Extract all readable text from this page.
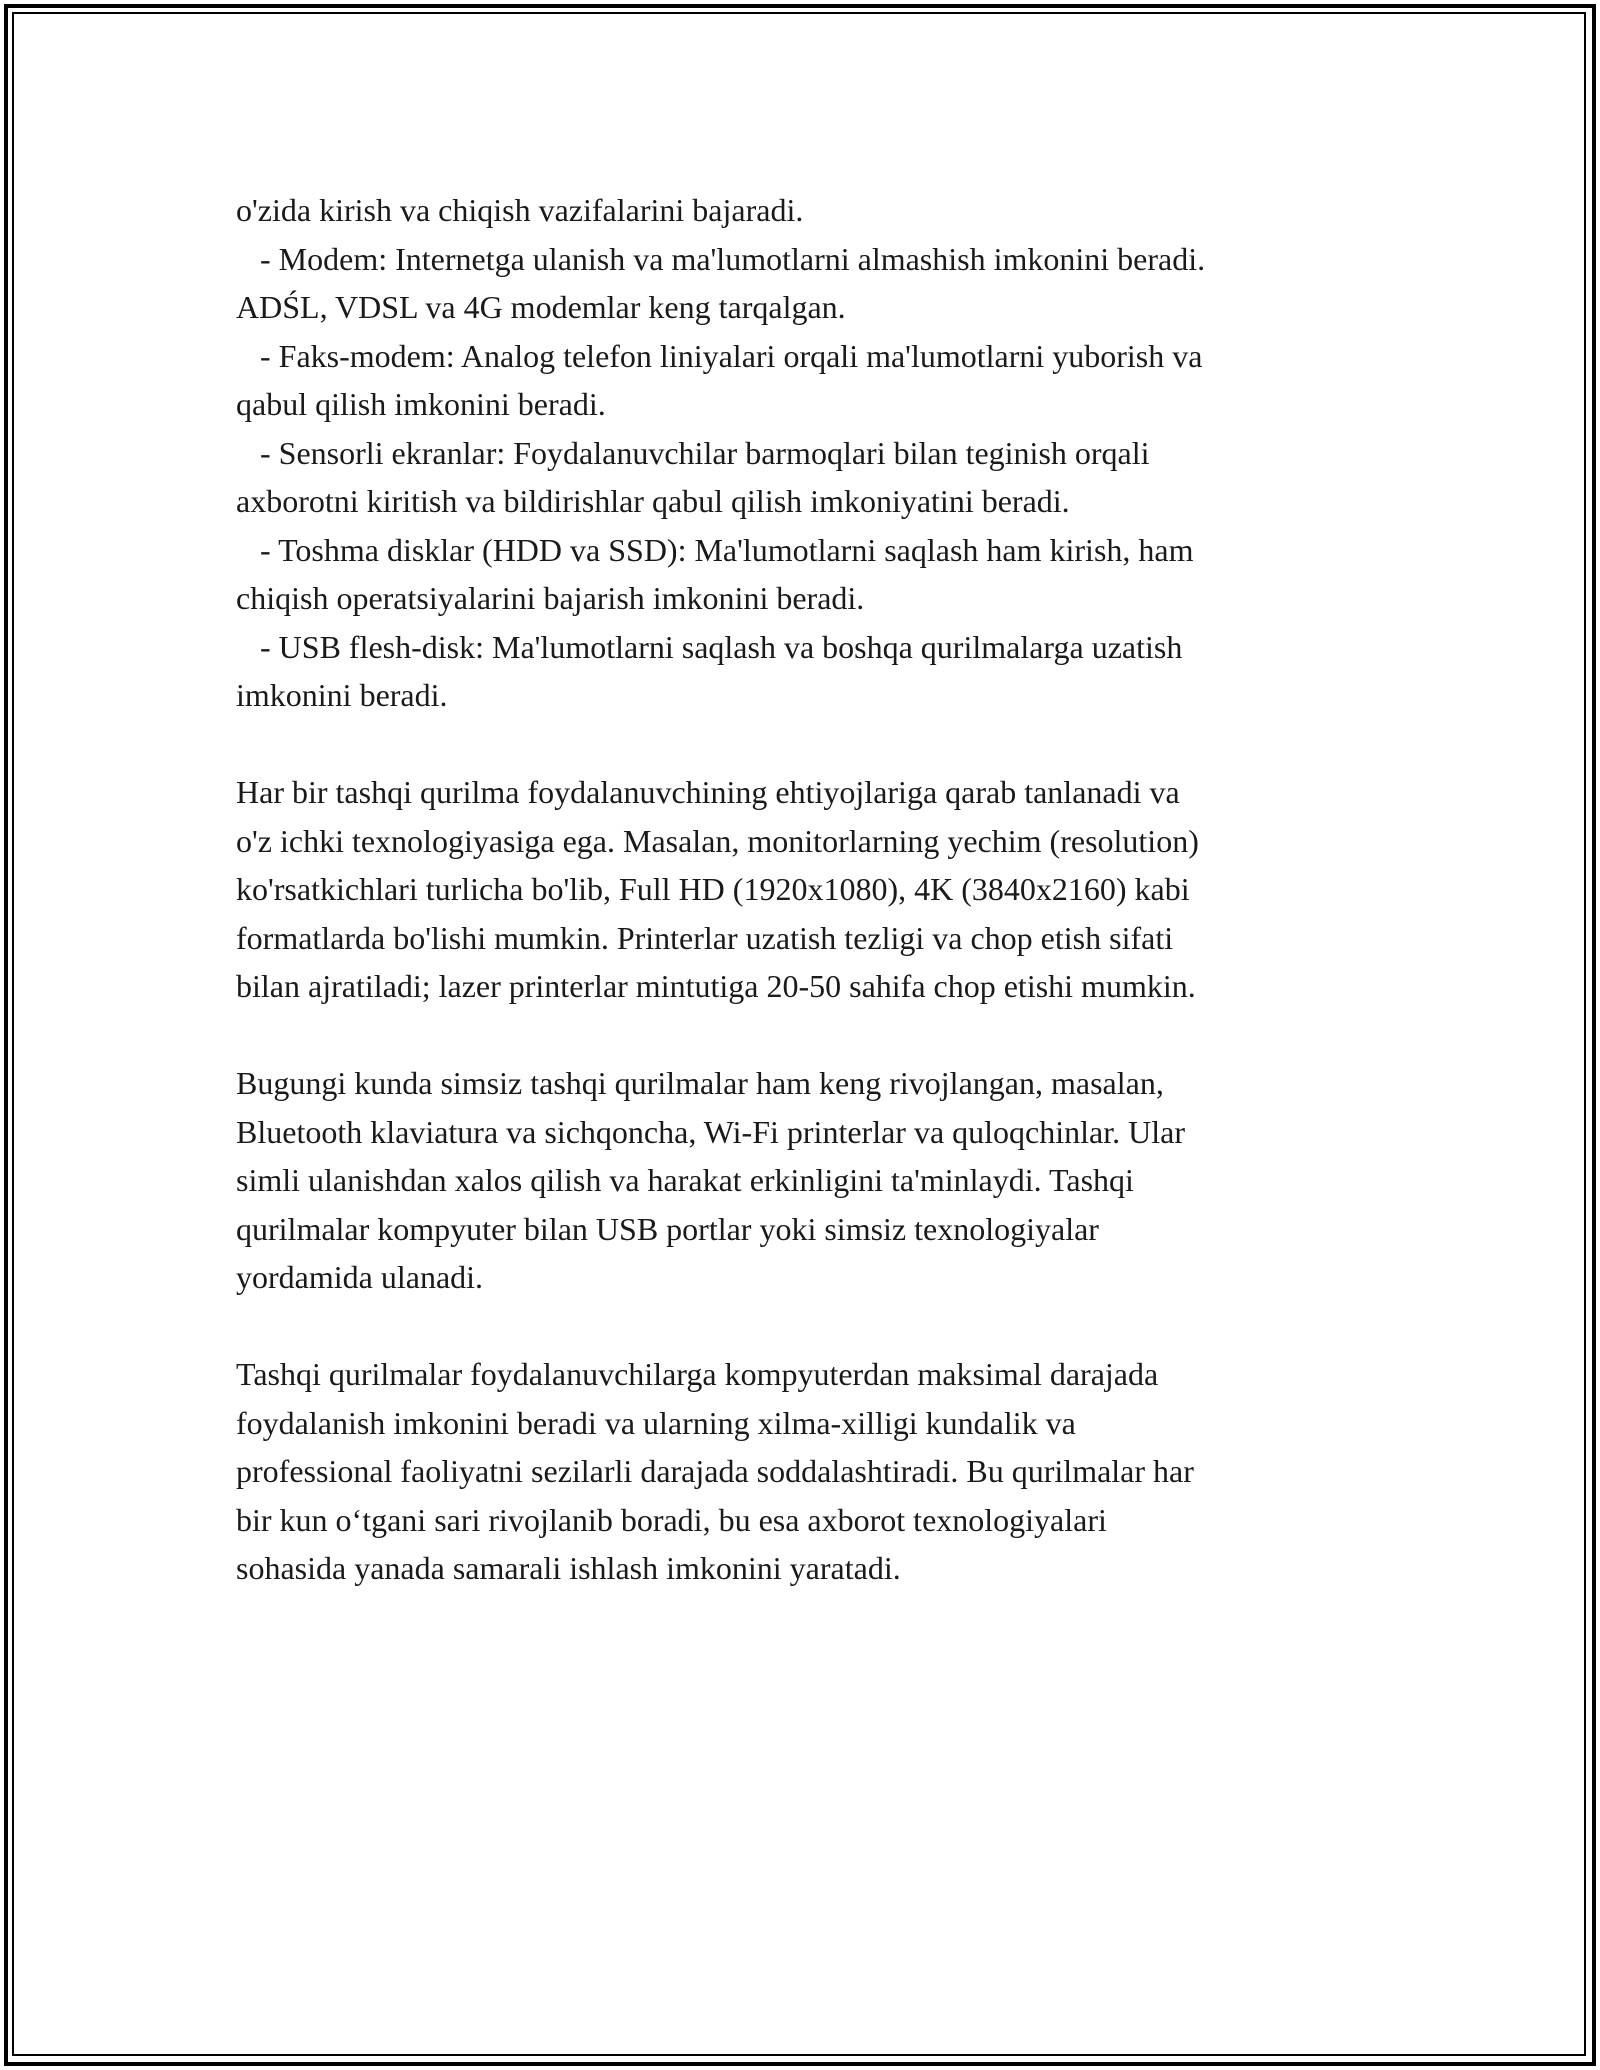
o'zida kirish va chiqish vazifalarini bajaradi.
- Modem: Internetga ulanish va ma'lumotlarni almashish imkonini beradi.
ADŚL, VDSL va 4G modemlar keng tarqalgan.
- Faks-modem: Analog telefon liniyalari orqali ma'lumotlarni yuborish va
qabul qilish imkonini beradi.
- Sensorli ekranlar: Foydalanuvchilar barmoqlari bilan teginish orqali
axborotni kiritish va bildirishlar qabul qilish imkoniyatini beradi.
- Toshma disklar (HDD va SSD): Ma'lumotlarni saqlash ham kirish, ham
chiqish operatsiyalarini bajarish imkonini beradi.
- USB flesh-disk: Ma'lumotlarni saqlash va boshqa qurilmalarga uzatish
imkonini beradi.
Har bir tashqi qurilma foydalanuvchining ehtiyojlariga qarab tanlanadi va
o'z ichki texnologiyasiga ega. Masalan, monitorlarning yechim (resolution)
ko'rsatkichlari turlicha bo'lib, Full HD (1920x1080), 4K (3840x2160) kabi
formatlarda bo'lishi mumkin. Printerlar uzatish tezligi va chop etish sifati
bilan ajratiladi; lazer printerlar mintutiga 20-50 sahifa chop etishi mumkin.
Bugungi kunda simsiz tashqi qurilmalar ham keng rivojlangan, masalan,
Bluetooth klaviatura va sichqoncha, Wi-Fi printerlar va quloqchinlar. Ular
simli ulanishdan xalos qilish va harakat erkinligini ta'minlaydi. Tashqi
qurilmalar kompyuter bilan USB portlar yoki simsiz texnologiyalar
yordamida ulanadi.
Tashqi qurilmalar foydalanuvchilarga kompyuterdan maksimal darajada
foydalanish imkonini beradi va ularning xilma-xilligi kundalik va
professional faoliyatni sezilarli darajada soddalashtiradi. Bu qurilmalar har
bir kun o‘tgani sari rivojlanib boradi, bu esa axborot texnologiyalari
sohasida yanada samarali ishlash imkonini yaratadi.
